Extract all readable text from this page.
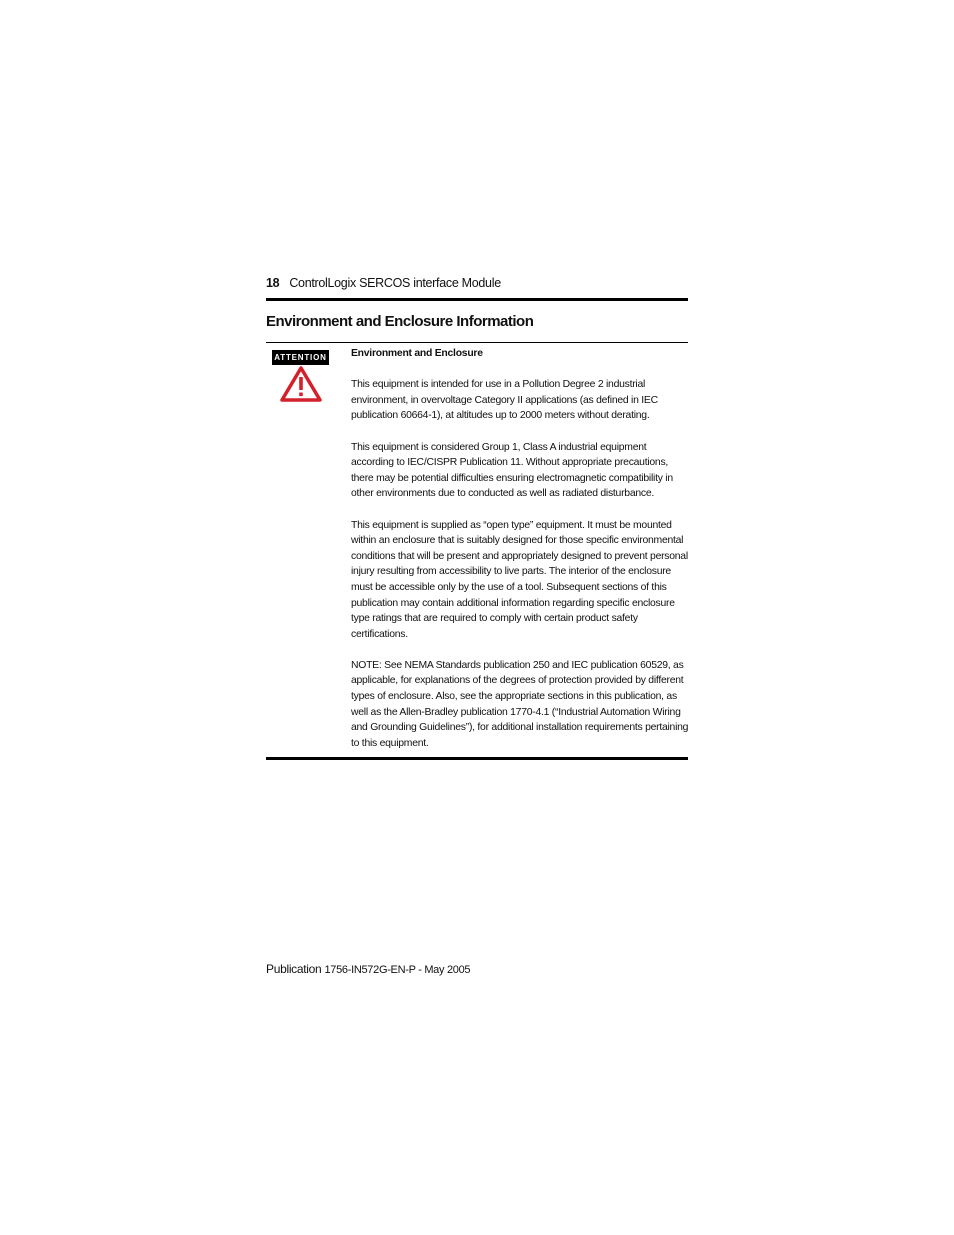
18 ControlLogix SERCOS interface Module
Environment and Enclosure Information
ATTENTION Environment and Enclosure

This equipment is intended for use in a Pollution Degree 2 industrial environment, in overvoltage Category II applications (as defined in IEC publication 60664-1), at altitudes up to 2000 meters without derating.

This equipment is considered Group 1, Class A industrial equipment according to IEC/CISPR Publication 11. Without appropriate precautions, there may be potential difficulties ensuring electromagnetic compatibility in other environments due to conducted as well as radiated disturbance.

This equipment is supplied as “open type” equipment. It must be mounted within an enclosure that is suitably designed for those specific environmental conditions that will be present and appropriately designed to prevent personal injury resulting from accessibility to live parts. The interior of the enclosure must be accessible only by the use of a tool. Subsequent sections of this publication may contain additional information regarding specific enclosure type ratings that are required to comply with certain product safety certifications.

NOTE: See NEMA Standards publication 250 and IEC publication 60529, as applicable, for explanations of the degrees of protection provided by different types of enclosure. Also, see the appropriate sections in this publication, as well as the Allen-Bradley publication 1770-4.1 (“Industrial Automation Wiring and Grounding Guidelines”), for additional installation requirements pertaining to this equipment.

Publication 1756-IN572G-EN-P - May 2005
